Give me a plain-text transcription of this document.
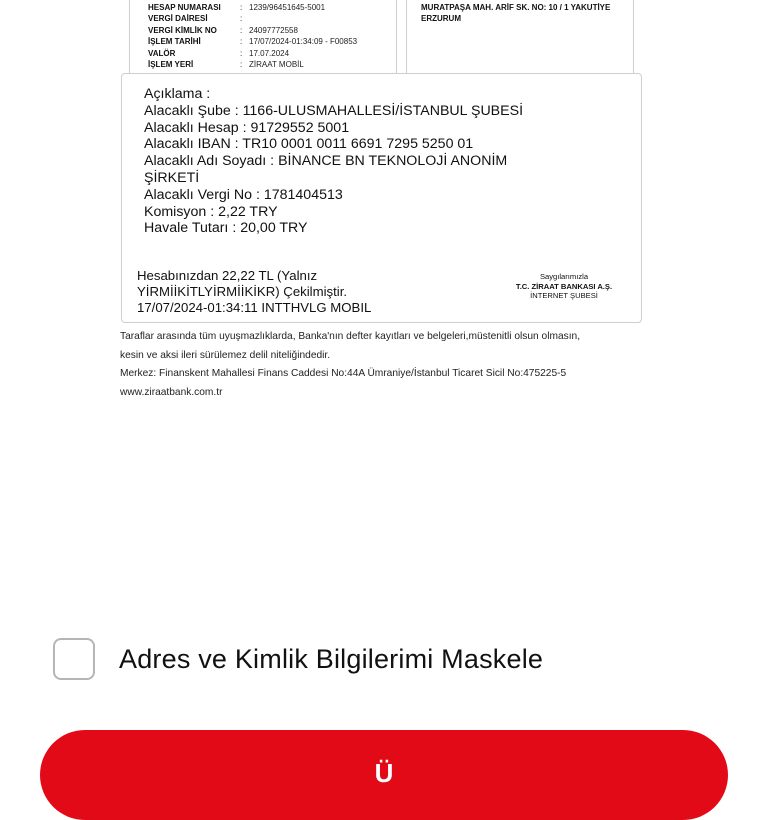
HESAP NUMARASI	: 1239/96451645-5001
VERGİ DAİRESİ	:
VERGİ KİMLİK NO	: 24097772558
İŞLEM TARİHİ	: 17/07/2024-01:34:09 - F00853
VALÖR	: 17.07.2024
İŞLEM YERİ	: ZİRAAT MOBİL
MURATPAŞA MAH. ARİF SK. NO: 10 / 1 YAKUTİYE
ERZURUM
Açıklama :
Alacaklı Şube : 1166-ULUSMAHALLESİ/İSTANBUL ŞUBESİ
Alacaklı Hesap : 91729552 5001
Alacaklı IBAN : TR10 0001 0011 6691 7295 5250 01
Alacaklı Adı Soyadı : BİNANCE BN TEKNOLOJİ ANONİM ŞİRKETİ
Alacaklı Vergi No : 1781404513
Komisyon : 2,22 TRY
Havale Tutarı : 20,00 TRY
Hesabınızdan 22,22 TL (Yalnız
YİRMİİKİTLYİRMİİKİKR) Çekilmiştir.
17/07/2024-01:34:11 INTTHVLG MOBIL
Saygılarımızla
T.C. ZİRAAT BANKASI A.Ş.
İNTERNET ŞUBESİ
Taraflar arasında tüm uyuşmazlıklarda, Banka'nın defter kayıtları ve belgeleri,müstenitli olsun olmasın,
kesin ve aksi ileri sürülemez delil niteliğindedir.
Merkez: Finanskent Mahallesi Finans Caddesi No:44A Ümraniye/İstanbul Ticaret Sicil No:475225-5
www.ziraatbank.com.tr
Adres ve Kimlik Bilgilerimi Maskele
Ü
